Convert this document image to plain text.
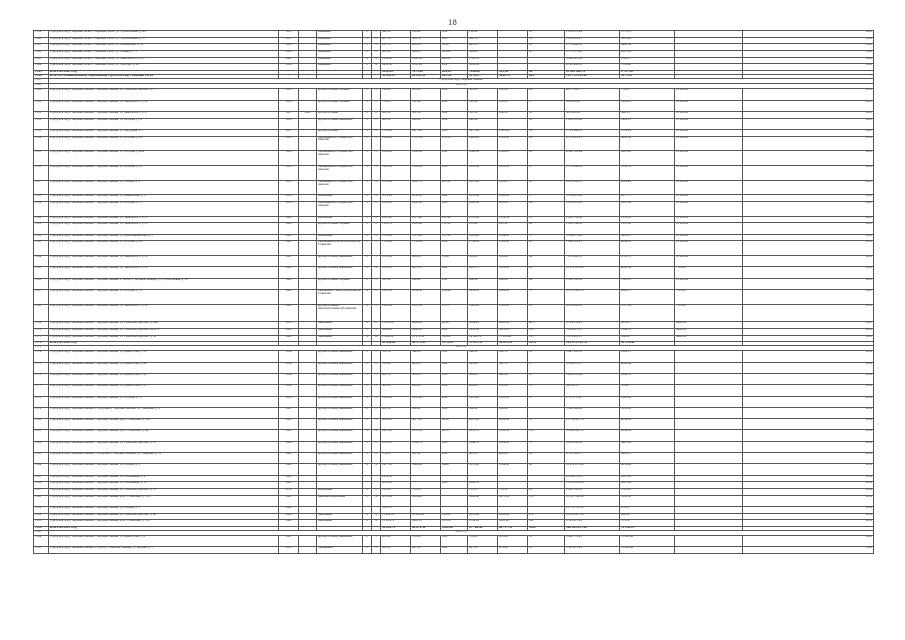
18
1139	Городской округ Верхний Тагил, г. Верхний Тагил, ул. Строительная, д. 46	1935		каменные	2	1	346,30	310,90	0,00	310,90		16	1 230 673,09	3772,51		2020
1140	Городской округ Верхний Тагил, г. Верхний Тагил, ул. Строительная, д. 57	1957		каменные	2	2	457,70	306,70	0,00	306,70		12	1 479 616,87	3235,48		2020
1141	Городской округ Верхний Тагил, г. Верхний Тагил, ул. Пионерская, д. 39	1956		каменные	2	3	621,70	496,50	53,00	443,50		20	2 170 446,93	3493,39		2020
1142	Городской округ Верхний Тагил, г. Верхний Тагил, ул. Ленина, д. 71	1938		каменные	2	2	989,20	899,00	305,00	594,00		25	2 771 372,96	2801,59		2020
1143	Городской округ Верхний Тагил, г. Верхний Тагил, ул. Маяковского, д. 23	1962		каменные	4	3	2154,00	1993,30	288,20	1705,10			3 290 487,20	1565,27		2020
1144	Городской округ Верхний Тагил, г. Верхний Тагил, ул. Свободы, д. 49	1959		каменные	2	4	3985,30	3558,30	0,00	3558,30			4 182 465,95	1156,40		2020
1145	Итого по 2020 году						9990,20	7475,90	424,10	7646,00	333,90	26	23 981 428,70	2 797,20		
1146	Итого по муниципальному образованию городской округ Верхний Тагил	-	-	-			36 605,47	28 016,50	423,30	24 461,77	3846,70	405	122 735 345,42	3171,36	-	-
1147	Городской округ Верхняя Пышма															
1148	2018 год															
1149	Городской округ Верхняя Пышма, г. Верхняя Пышма, ул. Уральских рабочих, д. 17	1958		крупноблочные сборные	3	1	790,40	553,20	0,00	553,20	232,20	24	405 778,81	776,47	10 600,00	2018
1150	Городской округ Верхняя Пышма, г. Верхняя Пышма, ул. Чайковского, д. 28	1958		крупноблочные сборные	3	1	770,80	741,40	0,00	741,40	310,30	0	938 412,04	1250,81	10 600,00	2018
1151	Городской округ Верхняя Пышма, г. Верхняя Пышма, ул. Чайковского, д. 27	1957	2000	крупноблочные	3	2	380,20	351,30	0,00	351,30	224,30	10	368 602,34	994,16	10 600,00	2018
1152	Городской округ Верхняя Пышма, г. Верхняя Пышма, ул. Петрова, д. 13	1958		крупноблочные панельные	3	1	682,20	640,90	0,00	640,90		32	1 005 079,80	1482,11	10 600,00	2018
1153	Городской округ Верхняя Пышма, г. Верхняя Пышма, ул. Мичурина, д. 1	1957		крупноблочные	3	3	1735,30	1477,30	0,00	1477,30	1295,60	74	1 791 092,61	1129,54	10 600,00	2018
1154	Городской округ Верхняя Пышма, г. Верхняя Пышма, ул. Петрова, д. 40	1959		смешанные из сборных ж/б панелей	3	3	1996,40	1787,30	379,10	1408,20	1362,90	54	6 751 801,21	3492,30	10 600,00	2018
1155	Городской округ Верхняя Пышма, г. Верхняя Пышма, ул. Петрова, д. 43А	1958		смешанные из сборных ж/б панелей	3	3	1809,60	1596,30	0,00	1596,30	1290,25	41	4 390 191,94	2401,09	10 600,00	2018
1156	Городской округ Верхняя Пышма, г. Верхняя Пышма, ул. Петрова, д. 47	1959		смешанные из сборных ж/б панелей	3	3	1261,80	1235,90	0,00	1235,90	1235,90	27	1 751 990,58	1365,78	10 600,00	2018
1157	Городской округ Верхняя Пышма, г. Верхняя Пышма, ул. Победы, д. 2	1955		смешанные из сборных ж/б панелей	2	4	2176,90	2095,70	283,50	1812,20	1064,17	85	4 051 093,23	2860,44	10 600,00	2018
1158	Городской округ Верхняя Пышма, г. Верхняя Пышма, ул. Менделеева, д. 8	1956		кирпичные	3	3	1879,20	1833,00	0,00	1833,00	1280,20	0	5 139 021,80	2877,77	10 600,00	2018
1159	Городской округ Верхняя Пышма, г. Верхняя Пышма, ул. Петрова, д. 37	1958		смешанные из сборных ж/б панелей	3	3	1803,60	1083,60	0,00	1083,60	925,60	39	2 261 025,83	2016,38	10 600,00	2018
1160	Городской округ Верхняя Пышма, г. Верхняя Пышма, ул. Чайковского, д. 31	1960		кирпичные	3	3	1667,40	1617,40	101,40	1515,00	1309,34	70	2 022 753,42	1250,59	10 600,00	2018
1161	Городской округ Верхняя Пышма, г. Верхняя Пышма, ул. Чайковского, д. 35	1960		крупноблочные сборные	3	3	1122,70	1095,40	119,50	975,90	935,50	42	1 230 154,56	1113,50	10 600,00	2018
1162	Городской округ Верхняя Пышма, г. Верхняя Пышма, ул. Красноармейская, д. 5	1960		кирпичные	3	3	1531,60	1511,00	131,30	1385,40	1304,00	57	5 394 675,63	3433,97	10 600,00	2018
1163	Городской округ Верхняя Пышма, г. Верхняя Пышма, ул. Петрова, д. 43	1961		смешанные из металлических ж/б панелей	3	3	1762,90	1736,60	0,00	1739,60	1300,00	41	7 990 951,21	4604,36	10 600,00	2018
1164	Городской округ Верхняя Пышма, г. Верхняя Пышма, ул. Чайковского, д. 36	1961		крупноблочные панельные	3	3	1070,80	995,00	76,00	919,00	850,00	34	7 970 900,61	4714,73	10 600,00	2018
1165	Городской округ Верхняя Пышма, г. Верхняя Пышма, ул. Чайковского, д. 38	1960		крупноблочные панельные	3	4	2151,30	2012,70	0,00	2012,70	1902,90	83	10 672 831,08	4892,36	7722,95	2018
1166	Городской округ Верхняя Пышма, г. Верхняя Пышма, п. Исеть (г. Верхняя Пышма), ул. Строительная, д. 23	1962		крупноблочные сборные	2	1	321,20	294,90	0,00	294,90	294,90	24	2 306 333,56	7183,21	10 600,00	2018
1167	Городской округ Верхняя Пышма, г. Верхняя Пышма, ул. Петрова, д. 51	1962		смешанные с металлическими ж/б панелей	4	3	2185,60	2054,60	104,40	1950,20	1499,00	73	10 176 966,16	4642,75	7722,95	2018
1168	Городской округ Верхняя Пышма, г. Верхняя Пышма, ул. Чайковского, д. 30	1962		крупноблочные с металлическими ж/б панелей	4	3	1416,60	1318,50	75,70	1242,80	1106,00	23	5 116 666,91	3717,64	7722,95	2018
1169	Городской округ Верхняя Пышма, г. Верхняя Пышма, ул. Уральских рабочих, д. 44а	1955		панельные	9	2	11212,80	9484,20	90,00	9394,20	8496,00	465	9 784 253,41	865,91	6499,64	2018
1170	Городской округ Верхняя Пышма, г. Верхняя Пышма, ул. Уральских рабочих, 44, к. 3	1981		панельные	5	5	3898,80	3960,00	0,00	3960,00	3621,96	183	5 439 011,13	1394,19	6499,64	2018
1171	Городской округ Верхняя Пышма, г. Верхняя Пышма, ул. Уральских рабочих, д. 36	1982		панельные	9	10	21589,30	15 072,50	128,60	14 943,70	11 286,00	155	5 879 001,13	364,90	6499,64	2018
1172	Итого по 2018 году						65 464,60	58 175,05	1279,50	57 897,55	54 011,18	2470	103 874 554,70	62 135,88		
1173	2019 год															
1174	Городской округ Верхняя Пышма, г. Верхняя Пышма, ул. Кривоусова, д. 10	1954		крупноблочные панельные	2	1	359,10	344,20	0,00	344,20	300,70	10	3 491 185,31	9199,11		2019
1175	Городской округ Верхняя Пышма, г. Верхняя Пышма, ул. Кривоусова, д. 40	1954		крупноблочные панельные	2	2	708,90	645,00	0,00	645,00	381,70	27	3 399 076,97	4806,94		2019
1176	Городской округ Верхняя Пышма, г. Верхняя Пышма, ул. Кривоусова, д. 34	1954		крупноблочные панельные	2	1	403,70	386,00	0,00	386,00	342,00	18	3 430 331,44	8500,53		2019
1177	Городской округ Верхняя Пышма, г. Верхняя Пышма, ул. Кривоусова, д. 36	1954		крупноблочные панельные	2	1	301,80	280,00	0,00	280,00	212,00	15	34 613,72	76,64		2019
1178	Городской округ Верхняя Пышма, г. Верхняя Пышма, ул. Петрова, д. 57	1959		крупноблочные панельные	3	3	1261,80	1235,90	0,00	1235,90	1235,90	37	2 757971,62	2185,60		2019
1179	Городской округ Верхняя Пышма, п. Ачудская (г. Верхняя Пышма), ул. Северная, д. 3	1961		крупноблочные панельные	2	2	680,10	634,90	0,00	634,90	634,90		5 206 689,08	8158,98		2019
1180	Городской округ Верхняя Пышма, г. Верхняя Пышма, пр-кт Успенский, д. 103	1962		крупноблочные панельные	2	3	3035,00	3017,20	90,00	2867,20	2089,00	15	12 799 931,70	4834,90		2019
1181	Городской округ Верхняя Пышма, г. Верхняя Пышма, пр-кт Успенский, д. 44	1962		крупноблочные панельные	3	4	2997,00	2131,80	80,10	2051,70	2130,00	195	15 424 041,25	4894,24		2019
1182	Городской округ Верхняя Пышма, г. Верхняя Пышма, ул. Уральских рабочих, д. 12	1964		крупноблочные панельные	2	3	1862,70	1364,70	0,00	1364,70	1024,60	73	9 960 633,92	5401,88		2019
1183	Городской округ Верхняя Пышма, г. Ачудская (г. Верхняя Пышма), ул. Северная, д. 10	1962		крупноблочные панельные	2	2	674,50	661,30	0,00	661,30	443,00	29	4 707 662,17	6953,21		2019
1184	Городской округ Верхняя Пышма, г. Верхняя Пышма, ул. Победы, д. 9	1962		крупноблочные панельные	4	4	2477,30	1940,40	64,40	1876,00	1694,00	86	10 052 075,96	4052,44		2019
1185	Городской округ Верхняя Пышма, г. Верхняя Пышма, ул. Юбилейная, д. 4	1963					2474,60						10 346 759,17	2887,60		2019
1186	Городской округ Верхняя Пышма, г. Верхняя Пышма, ул. Юбилейная, д. 10	1963					2861,80		0,00	2686,70			11 355 265,60	3887,60		2019
1187	Городской округ Верхняя Пышма, г. Верхняя Пышма, ул. Уральских рабочих, д. 55	1979		кирпичные	2	2	768,50	713,10		713,10	713,10	23	2 866 705,36	3729,02		2019
1188	Городской округ Верхняя Пышма, г. Верхняя Пышма, пр-кт Успенский, д. 11.2	1983		панельно-кирпичные	5	4	3874,60	3224,00		3224,00	2975,00	155	21 597 740,80	5582,36		2019
1189	Городской округ Верхняя Пышма, г. Верхняя Пышма, ул. Победы, д. 1	1964					7083,70						15 718 726,23	976,51		2019
1190	Городской округ Верхняя Пышма, г. Верхняя Пышма, ул. Уральских рабочих, д. 48	1986		панельные	9	3	11 241,28	10 053,00	700,30	9353,00	9500,00	476	10 359 657,50	909,50		2019
1191	Городской округ Верхняя Пышма, г. Верхняя Пышма, пр-кт Успенский, д. 121	1988		панельные	9	4	12 832,12	9963,10	163,60	9799,50	9933,00	642	9 339 911,60	735,56		2019
1192	Итого по 2019 году						56 899,75	48 879,50	1002,00	47 706,90	44 717,55	1892	168 639 857,68	76 150,13		
1193	2020 год															
1194	Городской округ Верхняя Пышма, г. Верхняя Пышма, ул. Кривоусова, д. 4	1951		крупноблочные панельные	2	1	405,00	379,00	0,00	379,00	605,00	31	2 896 770,23	11 080,90		2020
1195	Городской округ Верхняя Пышма, п. Исеть (г. Верхняя Пышма), ул. Фрунзе, д. 5	1952		смешанные	2	1	506,30	497,30	0,00	497,30	255,40	16	2 505 473,23	11 080,90		2020
